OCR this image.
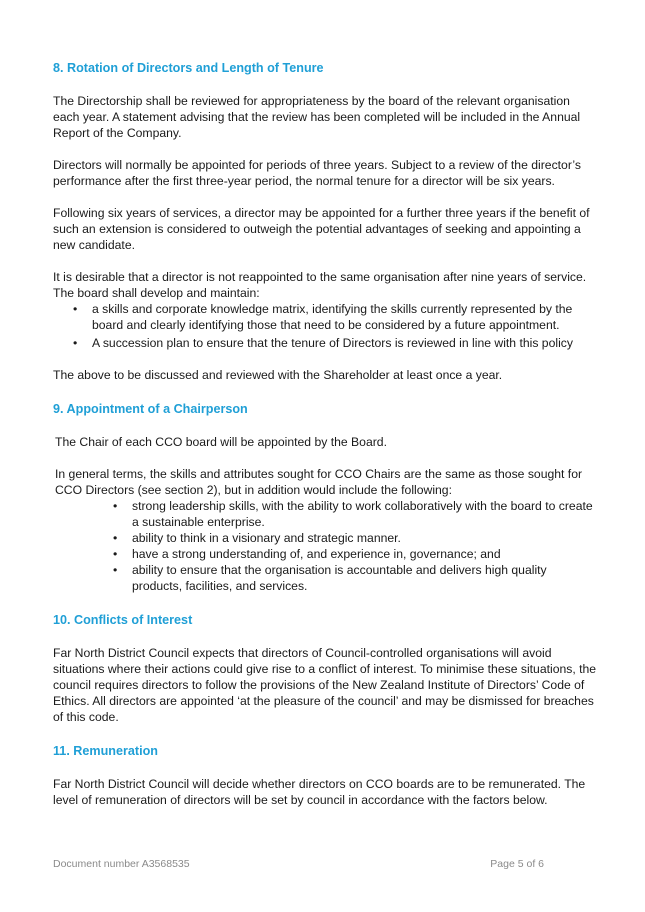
8. Rotation of Directors and Length of Tenure

The Directorship shall be reviewed for appropriateness by the board of the relevant organisation each year. A statement advising that the review has been completed will be included in the Annual Report of the Company.

Directors will normally be appointed for periods of three years. Subject to a review of the director’s performance after the first three-year period, the normal tenure for a director will be six years.

Following six years of services, a director may be appointed for a further three years if the benefit of such an extension is considered to outweigh the potential advantages of seeking and appointing a new candidate.

It is desirable that a director is not reappointed to the same organisation after nine years of service. The board shall develop and maintain:

• a skills and corporate knowledge matrix, identifying the skills currently represented by the board and clearly identifying those that need to be considered by a future appointment.
• A succession plan to ensure that the tenure of Directors is reviewed in line with this policy

The above to be discussed and reviewed with the Shareholder at least once a year.

9. Appointment of a Chairperson

The Chair of each CCO board will be appointed by the Board.

In general terms, the skills and attributes sought for CCO Chairs are the same as those sought for CCO Directors (see section 2), but in addition would include the following:

• strong leadership skills, with the ability to work collaboratively with the board to create a sustainable enterprise.
• ability to think in a visionary and strategic manner.
• have a strong understanding of, and experience in, governance; and
• ability to ensure that the organisation is accountable and delivers high quality products, facilities, and services.
10. Conflicts of Interest

Far North District Council expects that directors of Council-controlled organisations will avoid situations where their actions could give rise to a conflict of interest. To minimise these situations, the council requires directors to follow the provisions of the New Zealand Institute of Directors’ Code of Ethics. All directors are appointed ‘at the pleasure of the council’ and may be dismissed for breaches of this code.

11. Remuneration

Far North District Council will decide whether directors on CCO boards are to be remunerated. The level of remuneration of directors will be set by council in accordance with the factors below.

Document number A3568535	Page 5 of 6
